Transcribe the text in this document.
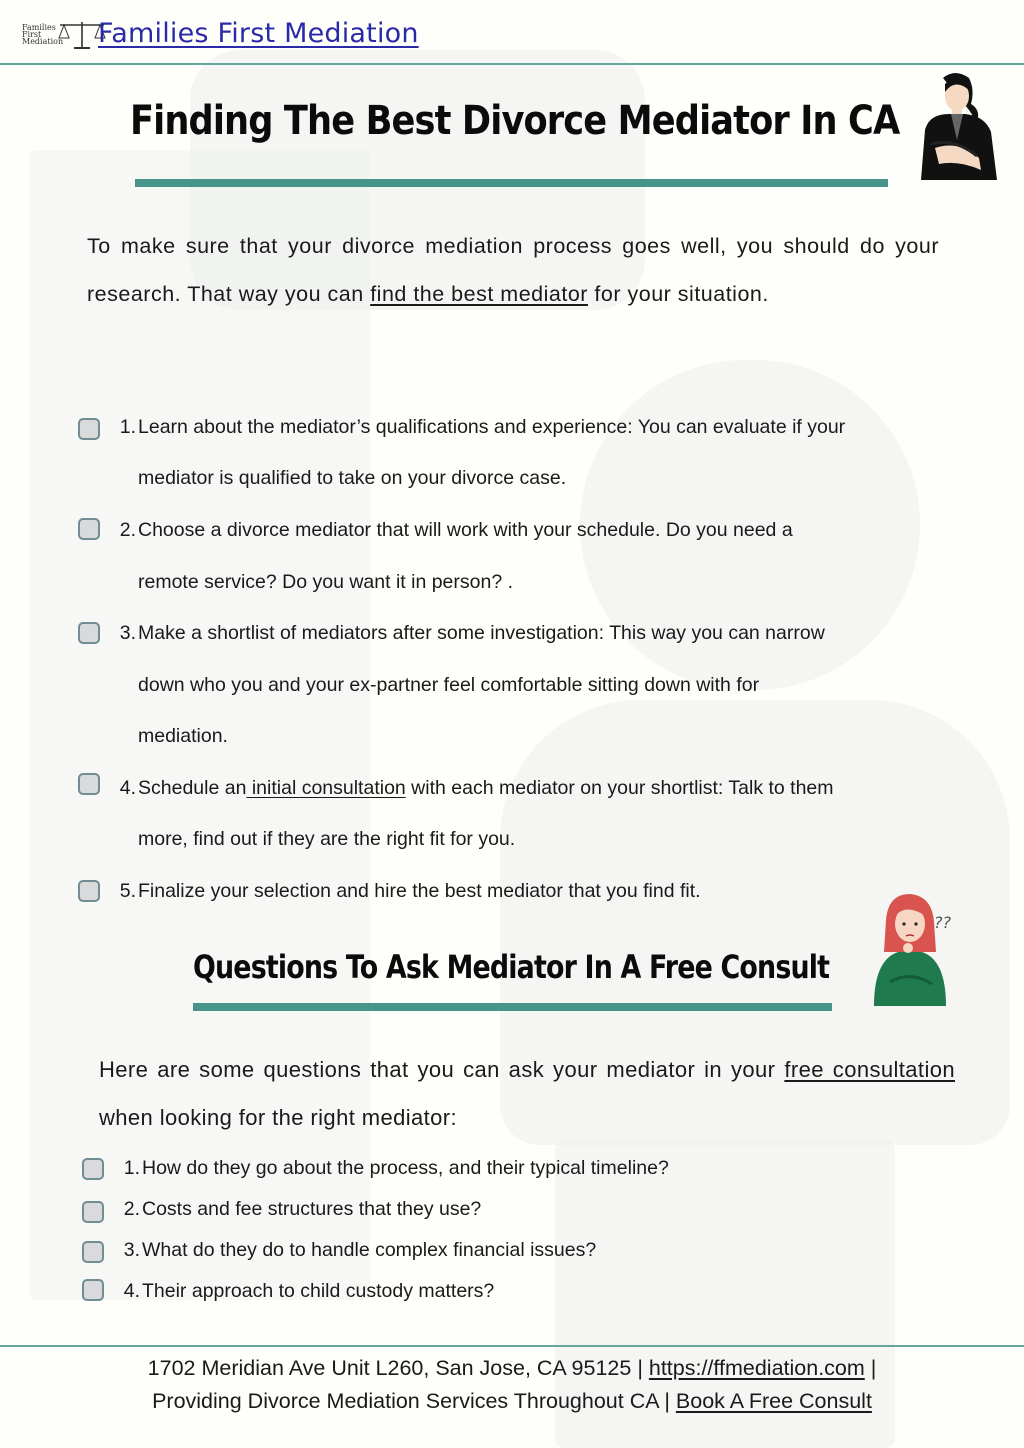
Families First Mediation Families First Mediation
Finding The Best Divorce Mediator In CA

To make sure that your divorce mediation process goes well, you should do your research. That way you can find the best mediator for your situation.

1. Learn about the mediator’s qualifications and experience: You can evaluate if your
mediator is qualified to take on your divorce case.
2. Choose a divorce mediator that will work with your schedule. Do you need a
remote service? Do you want it in person? .
3. Make a shortlist of mediators after some investigation: This way you can narrow
down who you and your ex-partner feel comfortable sitting down with for
mediation.
4. Schedule an initial consultation with each mediator on your shortlist: Talk to them
more, find out if they are the right fit for you.
5. Finalize your selection and hire the best mediator that you find fit.
??
Questions To Ask Mediator In A Free Consult

Here are some questions that you can ask your mediator in your free consultation when looking for the right mediator:

1. How do they go about the process, and their typical timeline?
2. Costs and fee structures that they use?
3. What do they do to handle complex financial issues?
4. Their approach to child custody matters?
1702 Meridian Ave Unit L260, San Jose, CA 95125 | https://ffmediation.com |
Providing Divorce Mediation Services Throughout CA | Book A Free Consult
